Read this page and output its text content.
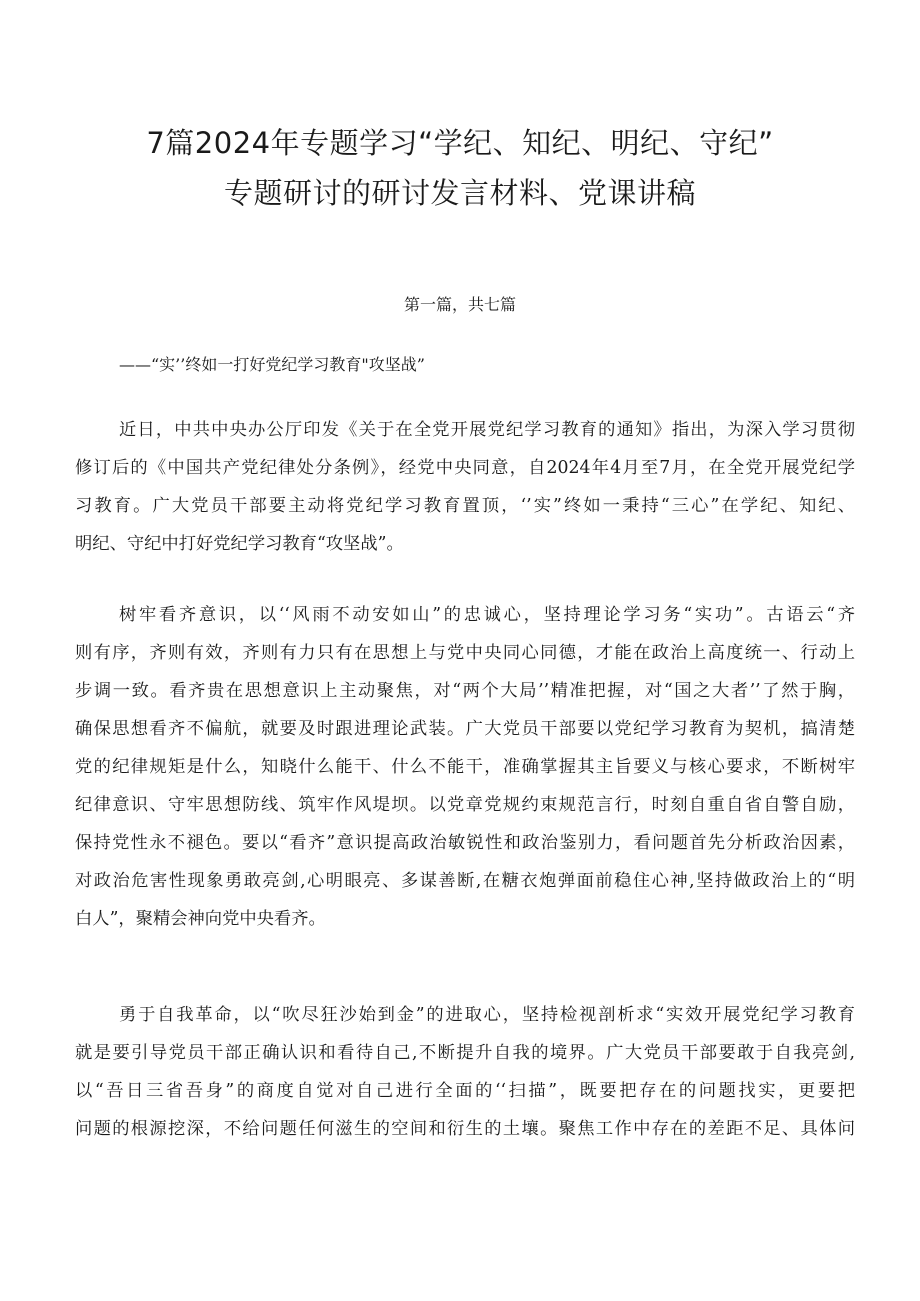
7篇2024年专题学习“学纪、知纪、明纪、守纪”
专题研讨的研讨发言材料、党课讲稿
第一篇，共七篇
——“实’’终如一打好党纪学习教育"攻坚战”

近日，中共中央办公厅印发《关于在全党开展党纪学习教育的通知》指出，为深入学习贯彻
修订后的《中国共产党纪律处分条例》，经党中央同意，自2024年4月至7月，在全党开展党纪学
习教育。广大党员干部要主动将党纪学习教育置顶，‘’实”终如一秉持“三心”在学纪、知纪、
明纪、守纪中打好党纪学习教育“攻坚战”。

树牢看齐意识，以‘‘风雨不动安如山”的忠诚心，坚持理论学习务“实功”。古语云“齐
则有序，齐则有效，齐则有力只有在思想上与党中央同心同德，才能在政治上高度统一、行动上
步调一致。看齐贵在思想意识上主动聚焦，对“两个大局’’精准把握，对“国之大者’’了然于胸，
确保思想看齐不偏航，就要及时跟进理论武装。广大党员干部要以党纪学习教育为契机，搞清楚
党的纪律规矩是什么，知晓什么能干、什么不能干，准确掌握其主旨要义与核心要求，不断树牢
纪律意识、守牢思想防线、筑牢作风堤坝。以党章党规约束规范言行，时刻自重自省自警自励，
保持党性永不褪色。要以“看齐”意识提高政治敏锐性和政治鉴别力，看问题首先分析政治因素，
对政治危害性现象勇敢亮剑,心明眼亮、多谋善断,在糖衣炮弹面前稳住心神,坚持做政治上的“明
白人”，聚精会神向党中央看齐。

勇于自我革命，以“吹尽狂沙始到金”的进取心，坚持检视剖析求“实效开展党纪学习教育
就是要引导党员干部正确认识和看待自己,不断提升自我的境界。广大党员干部要敢于自我亮剑,
以“吾日三省吾身”的商度自觉对自己进行全面的‘‘扫描”，既要把存在的问题找实，更要把
问题的根源挖深，不给问题任何滋生的空间和衍生的土壤。聚焦工作中存在的差距不足、具体问
